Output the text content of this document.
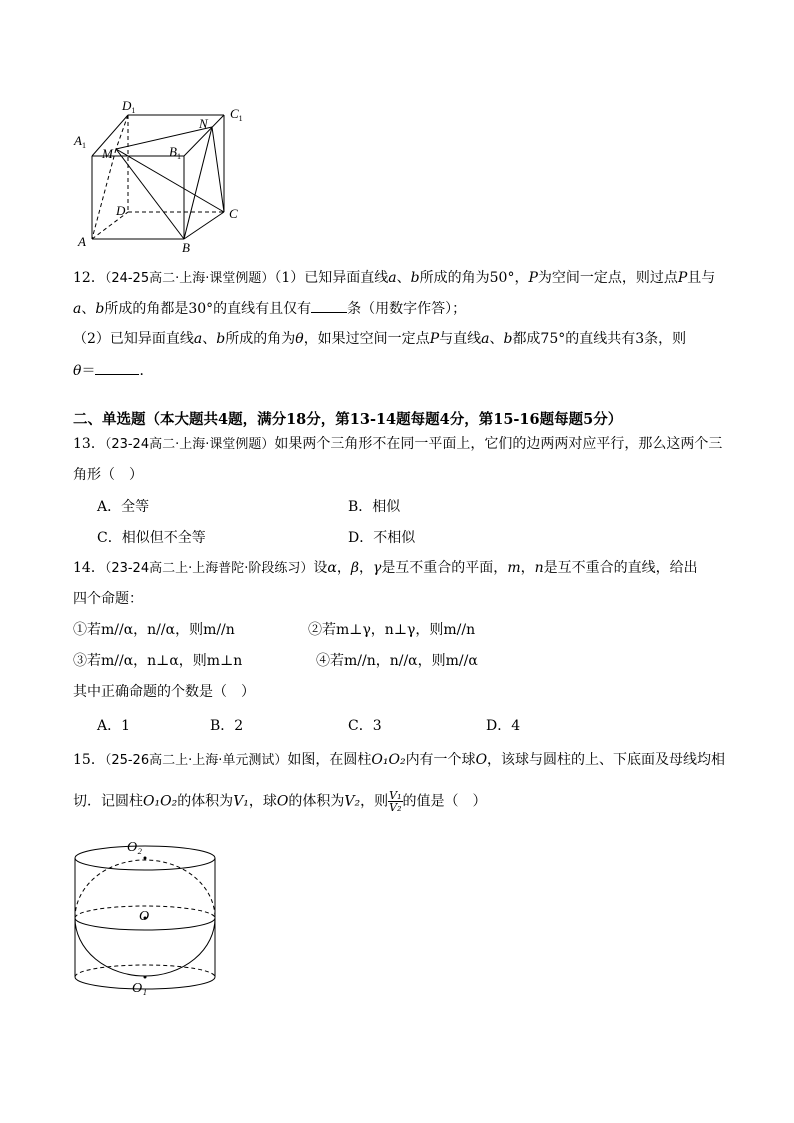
$D_1$	$C_1$
$A_1$	$B_1$
M
N
D	C
A	B
12．（24-25高二·上海·课堂例题）（1）已知异面直线a、b所成的角为50°，P为空间一定点，则过点P且与
a、b所成的角都是30°的直线有且仅有	条（用数字作答）；
（2）已知异面直线a、b所成的角为θ，如果过空间一定点P与直线a、b都成75°的直线共有3条，则
θ＝	．
二、单选题（本大题共4题，满分18分，第13-14题每题4分，第15-16题每题5分）
13．（23-24高二·上海·课堂例题）如果两个三角形不在同一平面上，它们的边两两对应平行，那么这两个三
角形（　）
A．全等	B．相似
C．相似但不全等	D．不相似
14．（23-24高二上·上海普陀·阶段练习）设α，β，γ是互不重合的平面，m，n是互不重合的直线，给出
四个命题：
①若m//α，n//α，则m//n	②若m⊥γ，n⊥γ，则m//n
③若m//α，n⊥α，则m⊥n	④若m//n，n//α，则m//α
其中正确命题的个数是（　）
A．1	B．2	C．3	D．4
15．（25-26高二上·上海·单元测试）如图，在圆柱O₁O₂内有一个球O，该球与圆柱的上、下底面及母线均相
切．记圆柱O₁O₂的体积为V₁，球O的体积为V₂，则 $\frac{\text{V₁}}{\text{V₂}}$ 的值是（　）
O₂
O
O₁
